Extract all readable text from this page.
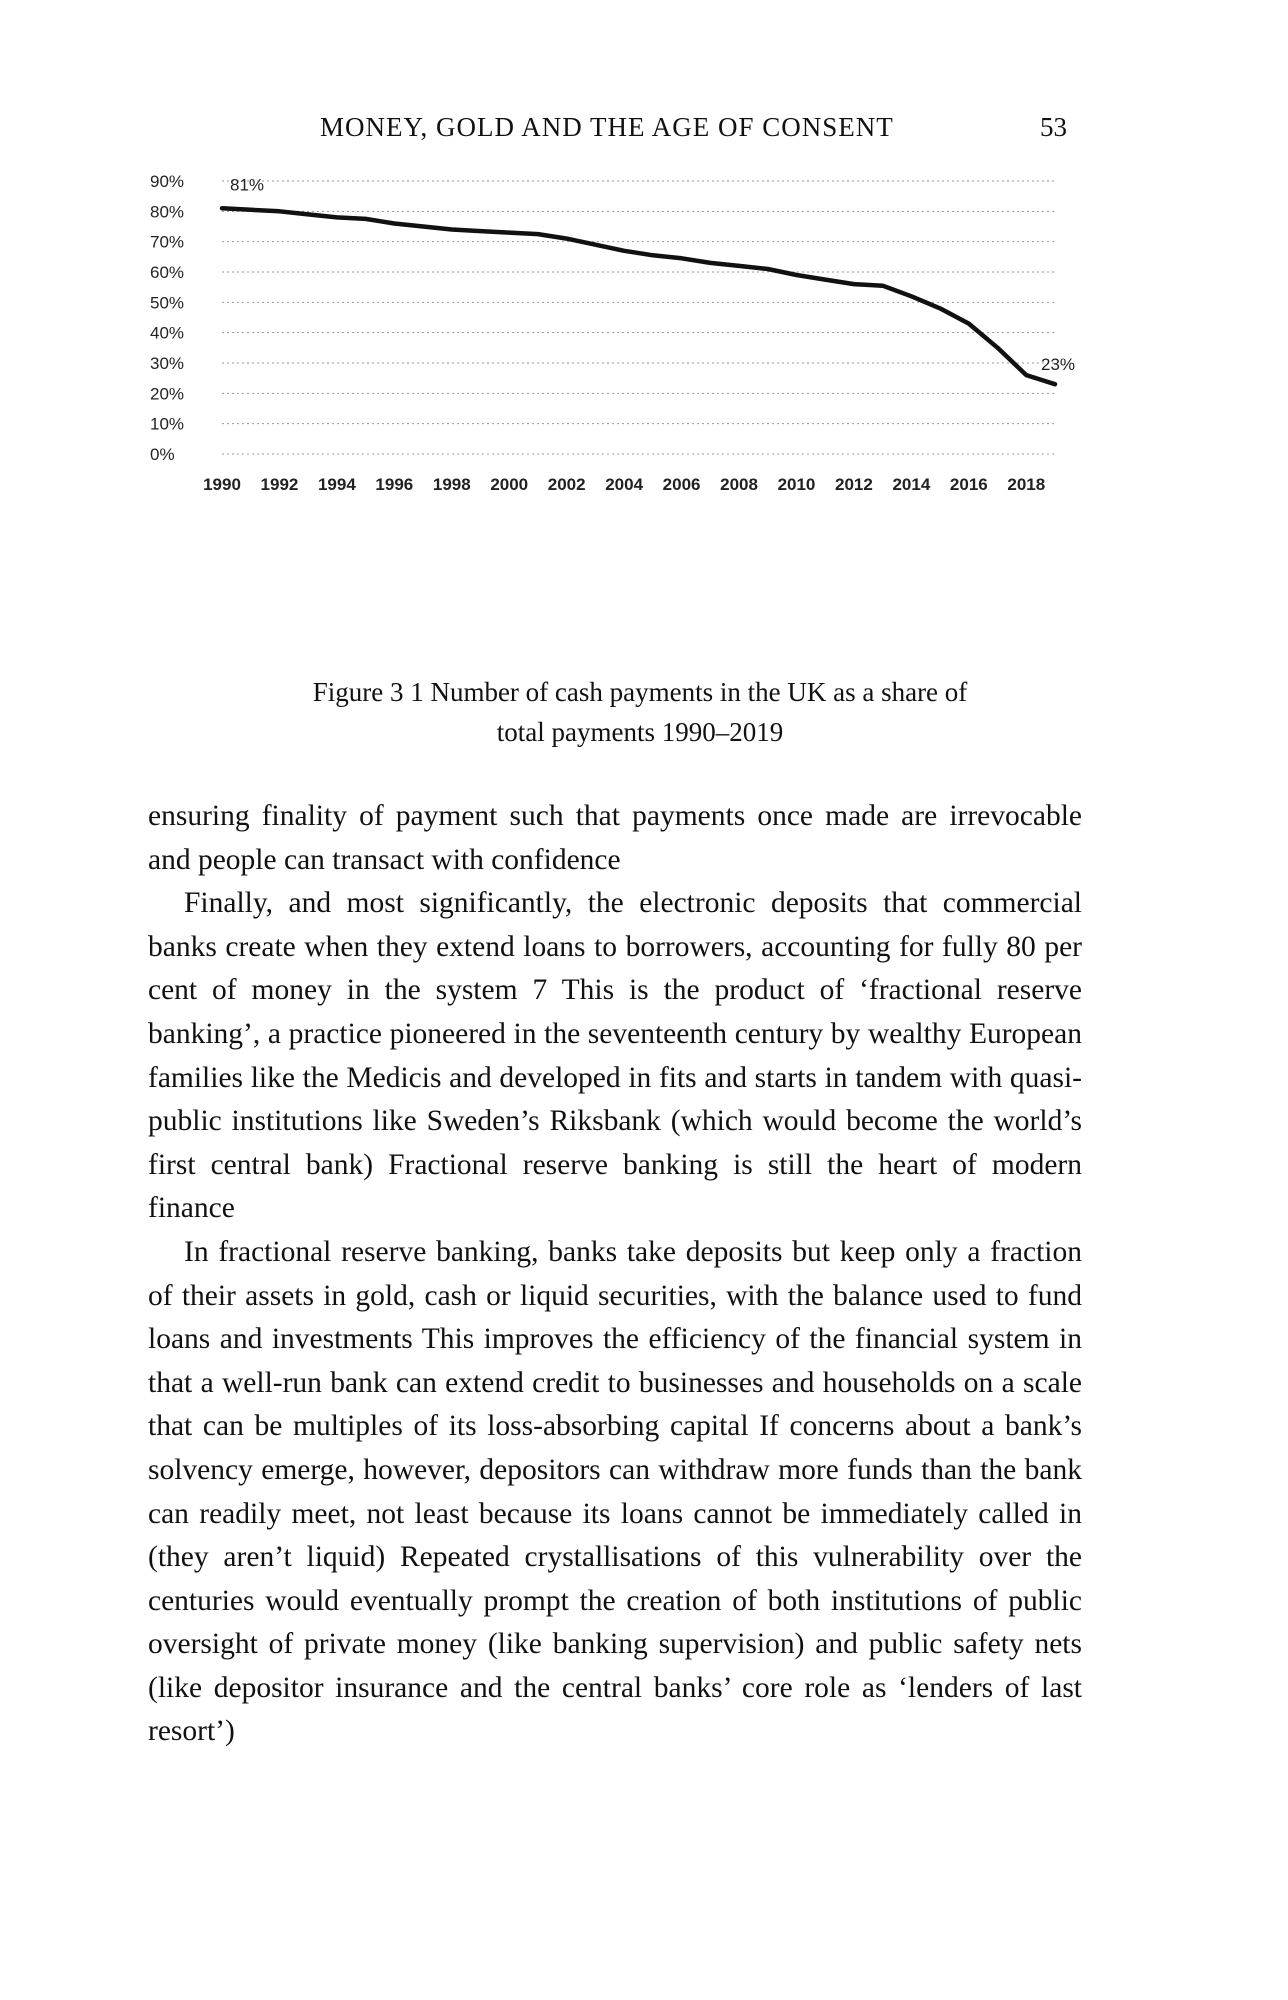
MONEY, GOLD AND THE AGE OF CONSENT	53
0%
10%
20%
30%
40%
50%
60%
70%
80%
90%
1990 1992 1994 1996 1998 2000 2002 2004 2006 2008 2010 2012 2014 2016 2018
81%
23%

Figure 3 1 Number of cash payments in the UK as a share of

total payments 1990–2019

ensuring finality of payment such that payments once made are irrevocable and people can transact with confidence

Finally, and most significantly, the electronic deposits that commercial banks create when they extend loans to borrowers, accounting for fully 80 per cent of money in the system 7 This is the product of ‘fractional reserve banking’, a practice pioneered in the seventeenth century by wealthy European families like the Medicis and developed in fits and starts in tandem with quasi-public institutions like Sweden’s Riksbank (which would become the world’s first central bank) Fractional reserve banking is still the heart of modern finance

In fractional reserve banking, banks take deposits but keep only a fraction of their assets in gold, cash or liquid securities, with the balance used to fund loans and investments This improves the efficiency of the financial system in that a well-run bank can extend credit to businesses and households on a scale that can be multiples of its loss-absorbing capital If concerns about a bank’s solvency emerge, however, depositors can withdraw more funds than the bank can readily meet, not least because its loans cannot be immediately called in (they aren’t liquid) Repeated crystallisations of this vulnerability over the centuries would eventually prompt the creation of both institutions of public oversight of private money (like banking supervision) and public safety nets (like depositor insurance and the central banks’ core role as ‘lenders of last resort’)
